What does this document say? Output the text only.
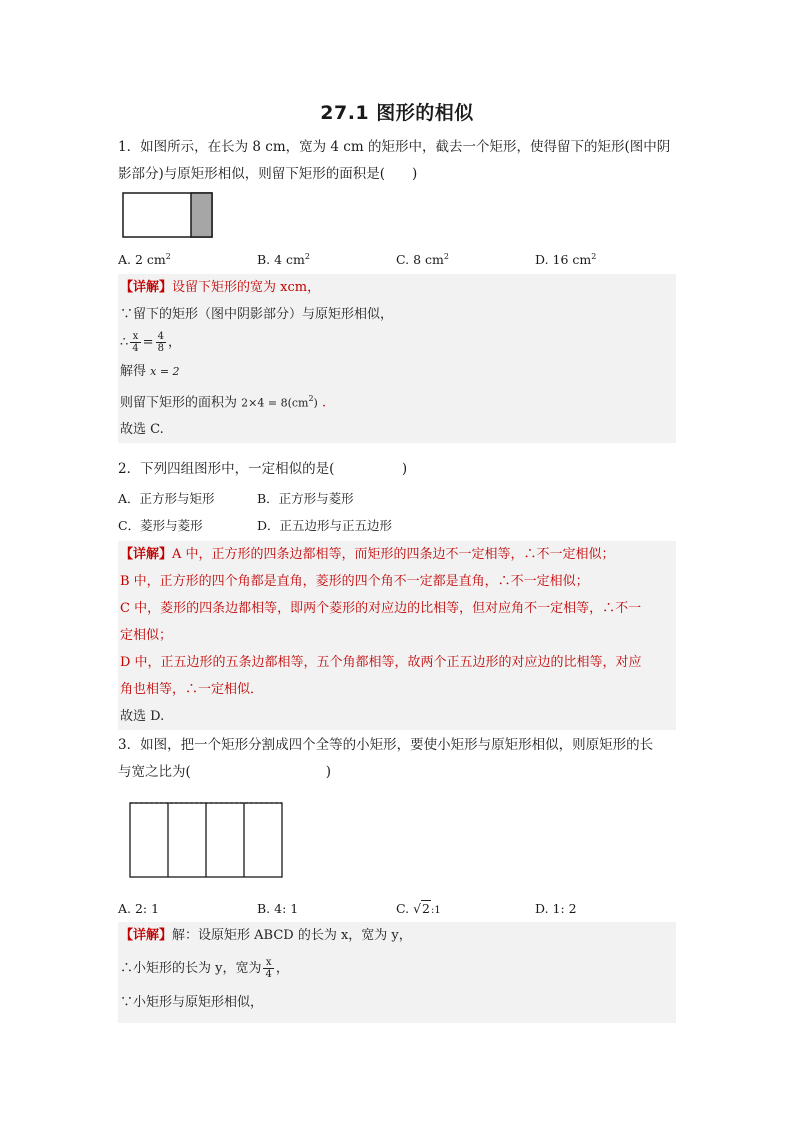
27.1 图形的相似
1．如图所示，在长为 8 cm，宽为 4 cm 的矩形中，截去一个矩形，使得留下的矩形(图中阴
影部分)与原矩形相似，则留下矩形的面积是(　　)
A. 2 $cm^2$	B. 4 $cm^2$	C. 8 $cm^2$	D. 16 $cm^2$
【详解】设留下矩形的宽为 xcm，
∵留下的矩形（图中阴影部分）与原矩形相似，
∴ $\frac{x}{4} = \frac{4}{8}$ ，
解得 x = 2
则留下矩形的面积为 $2\times 4 = 8(cm^2)$ .
故选 C.
2．下列四组图形中，一定相似的是(　　　　　)
A．正方形与矩形	B．正方形与菱形
C．菱形与菱形	D．正五边形与正五边形
【详解】A 中，正方形的四条边都相等，而矩形的四条边不一定相等，∴不一定相似；
B 中，正方形的四个角都是直角，菱形的四个角不一定都是直角，∴不一定相似；
C 中，菱形的四条边都相等，即两个菱形的对应边的比相等，但对应角不一定相等，∴不一
定相似；
D 中，正五边形的五条边都相等，五个角都相等，故两个正五边形的对应边的比相等，对应
角也相等，∴一定相似．
故选 D.
3．如图，把一个矩形分割成四个全等的小矩形，要使小矩形与原矩形相似，则原矩形的长
与宽之比为(　　　　　　　　　　)
A. 2: 1	B. 4: 1	C. √2:1	D. 1: 2
【详解】解：设原矩形 ABCD 的长为 x，宽为 y，
∴小矩形的长为 y，宽为 $\frac{x}{4}$ ，
∵小矩形与原矩形相似，
